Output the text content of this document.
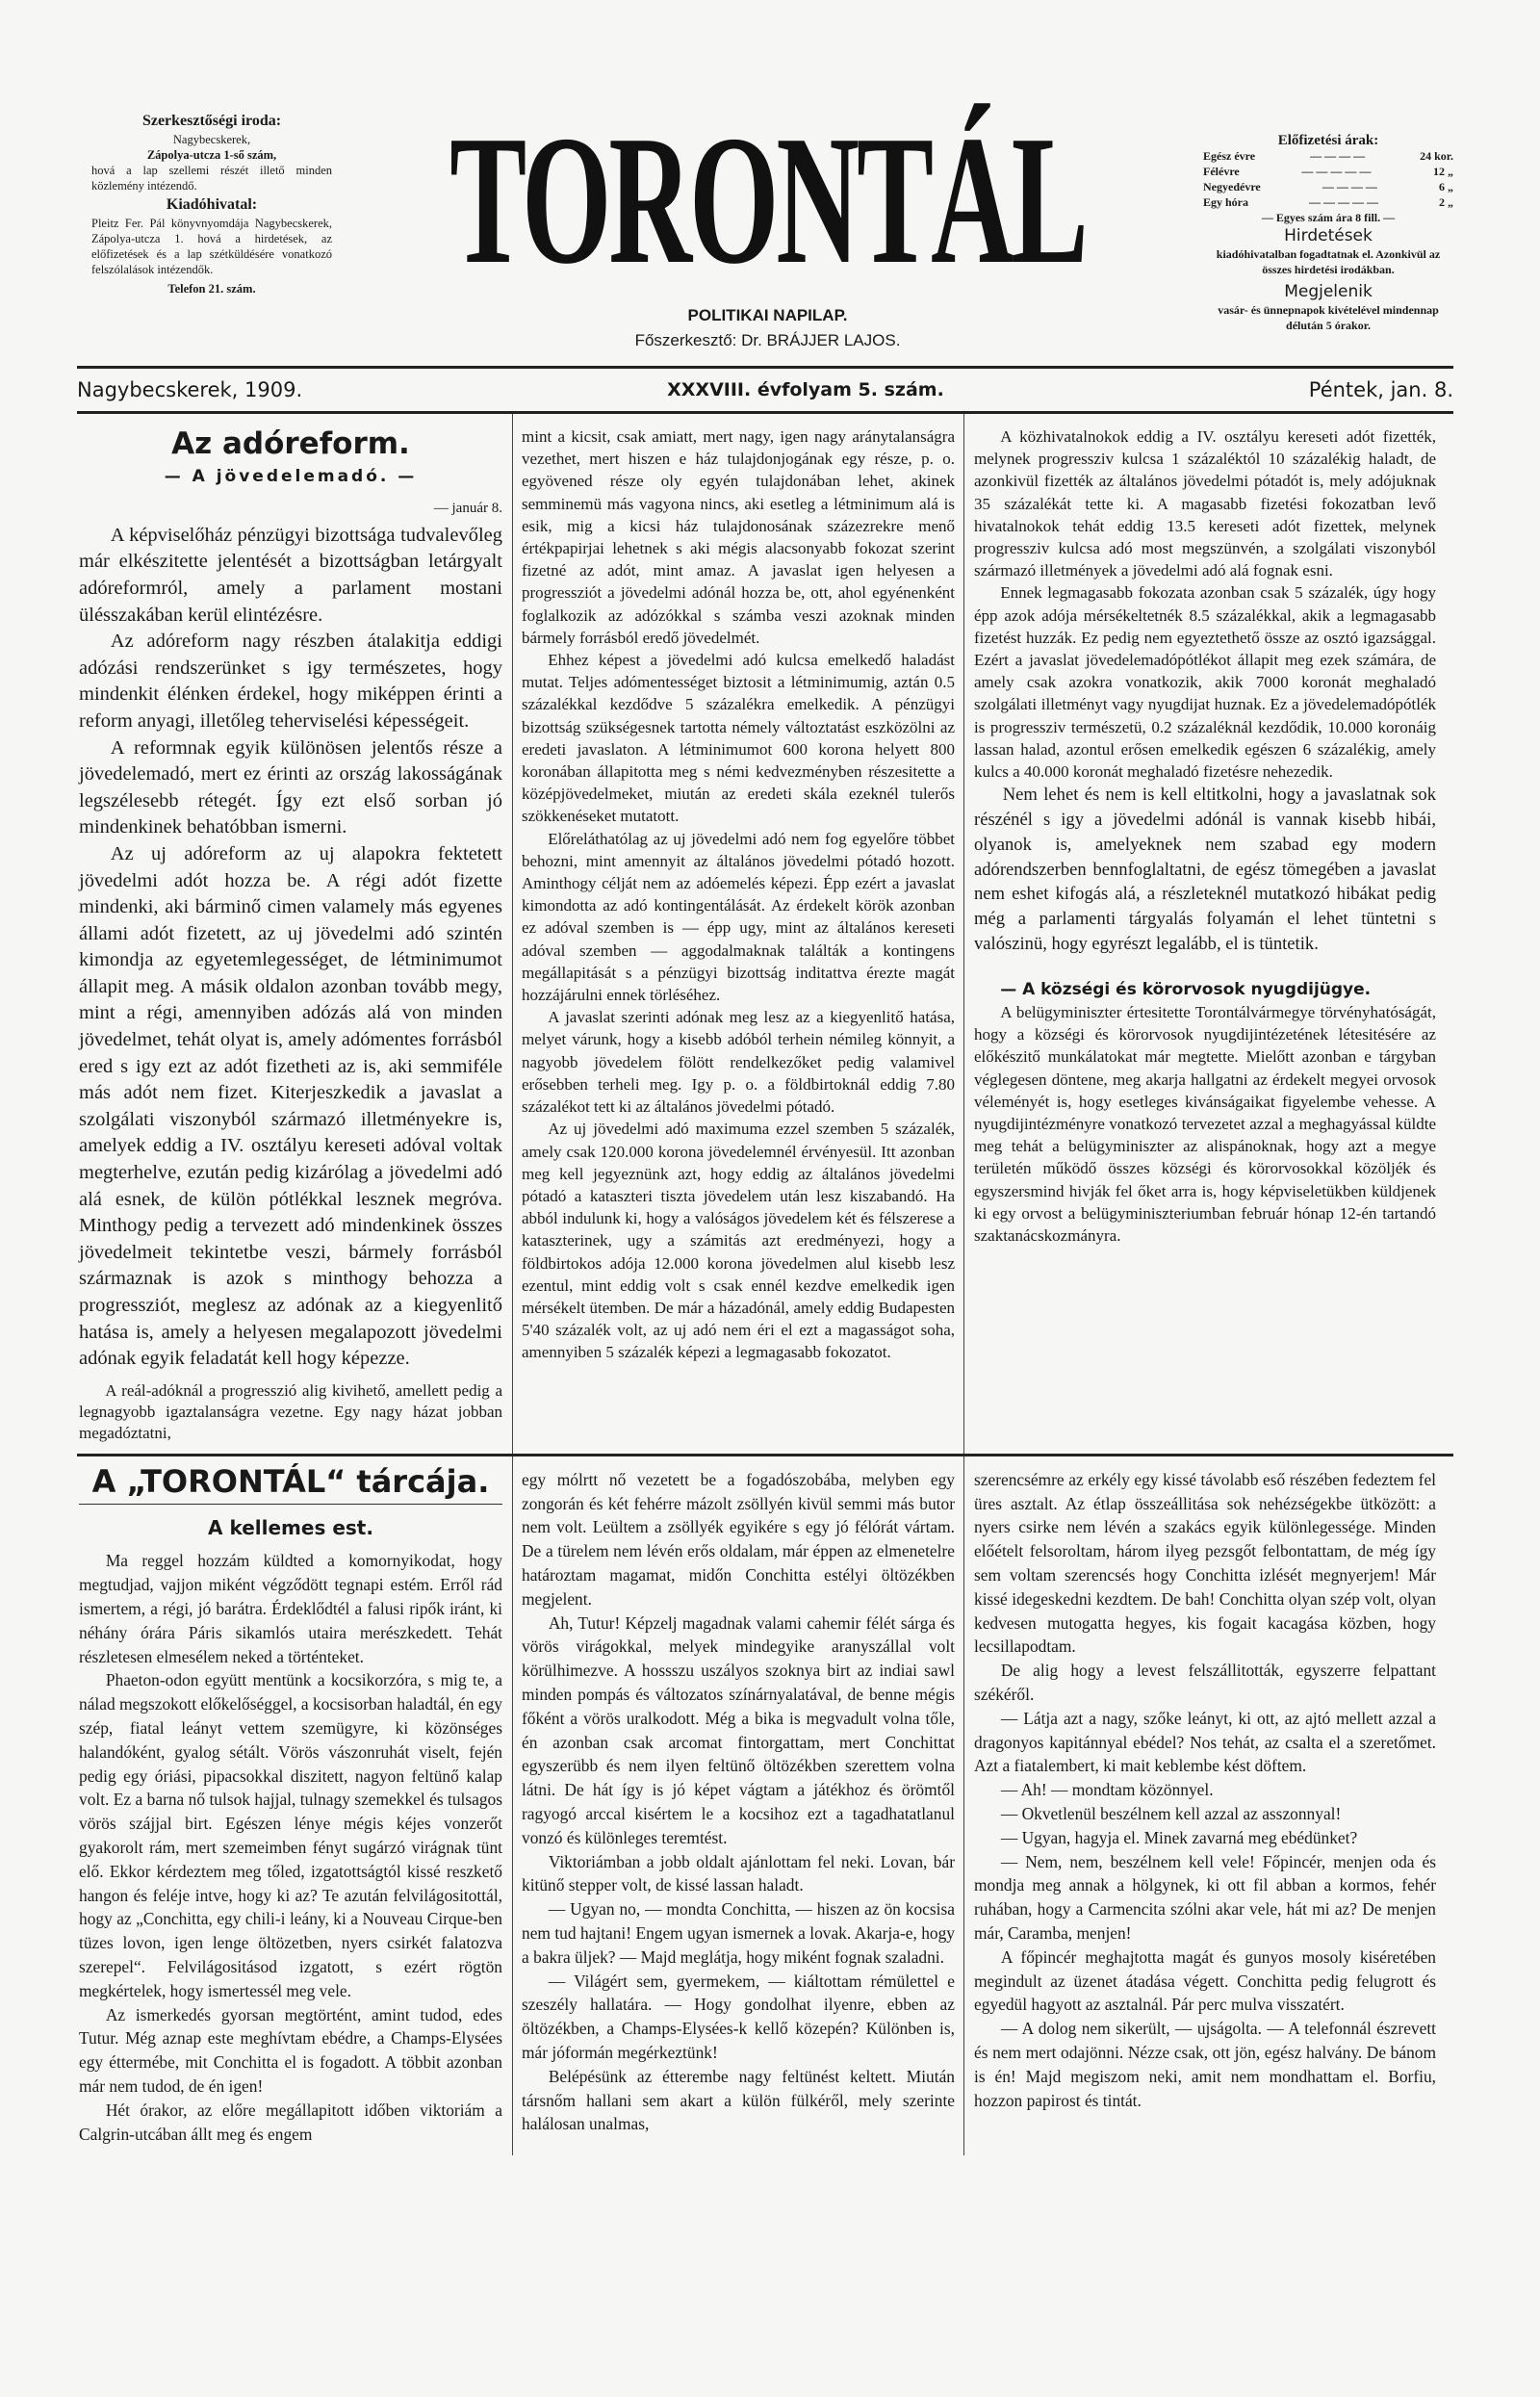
Szerkesztőségi iroda:
Nagybecskerek,
Zápolya-utcza 1-ső szám,
hová a lap szellemi részét illető minden közlemény intézendő.
Kiadóhivatal:
Pleitz Fer. Pál könyvnyomdája Nagybecskerek, Zápolya-utcza 1. hová a hirdetések, az előfizetések és a lap szétküldésére vonatkozó felszólalások intézendők.
Telefon 21. szám.	TORONTÁL
POLITIKAI NAPILAP.
Főszerkesztő: Dr. BRÁJJER LAJOS.
Előfizetési árak:
Egész évre	— — — —	24 kor.
Félévre	— — — — —	12 „
Negyedévre	— — — —	6 „
Egy hóra	— — — — —	2 „
— Egyes szám ára 8 fill. —
Hirdetések
kiadóhivatalban fogadtatnak el. Azonkivül az összes hirdetési irodákban.
Megjelenik
vasár- és ünnepnapok kivételével mindennap délután 5 órakor.
Nagybecskerek, 1909.	XXXVIII. évfolyam 5. szám.	Péntek, jan. 8.
Az adóreform.
— A jövedelemadó. —
— január 8.

A képviselőház pénzügyi bizottsága tudvalevőleg már elkészitette jelentését a bizottságban letárgyalt adóreformról, amely a parlament mostani ülésszakában kerül elintézésre.

Az adóreform nagy részben átalakitja eddigi adózási rendszerünket s igy természetes, hogy mindenkit élénken érdekel, hogy miképpen érinti a reform anyagi, illetőleg teherviselési képességeit.

A reformnak egyik különösen jelentős része a jövedelemadó, mert ez érinti az ország lakosságának legszélesebb rétegét. Így ezt első sorban jó mindenkinek behatóbban ismerni.

Az uj adóreform az uj alapokra fektetett jövedelmi adót hozza be. A régi adót fizette mindenki, aki bárminő cimen valamely más egyenes állami adót fizetett, az uj jövedelmi adó szintén kimondja az egyetemlegességet, de létminimumot állapit meg. A másik oldalon azonban tovább megy, mint a régi, amennyiben adózás alá von minden jövedelmet, tehát olyat is, amely adómentes forrásból ered s igy ezt az adót fizetheti az is, aki semmiféle más adót nem fizet. Kiterjeszkedik a javaslat a szolgálati viszonyból származó illetményekre is, amelyek eddig a IV. osztályu kereseti adóval voltak megterhelve, ezután pedig kizárólag a jövedelmi adó alá esnek, de külön pótlékkal lesznek megróva. Minthogy pedig a tervezett adó mindenkinek összes jövedelmeit tekintetbe veszi, bármely forrásból származnak is azok s minthogy behozza a progressziót, meglesz az adónak az a kiegyenlitő hatása is, amely a helyesen megalapozott jövedelmi adónak egyik feladatát kell hogy képezze.

A reál-adóknál a progresszió alig kivihető, amellett pedig a legnagyobb igaztalanságra vezetne. Egy nagy házat jobban megadóztatni,

mint a kicsit, csak amiatt, mert nagy, igen nagy aránytalanságra vezethet, mert hiszen e ház tulajdonjogának egy része, p. o. egyövened része oly egyén tulajdonában lehet, akinek semminemü más vagyona nincs, aki esetleg a létminimum alá is esik, mig a kicsi ház tulajdonosának százezrekre menő értékpapirjai lehetnek s aki mégis alacsonyabb fokozat szerint fizetné az adót, mint amaz. A javaslat igen helyesen a progressziót a jövedelmi adónál hozza be, ott, ahol egyénenként foglalkozik az adózókkal s számba veszi azoknak minden bármely forrásból eredő jövedelmét.

Ehhez képest a jövedelmi adó kulcsa emelkedő haladást mutat. Teljes adómentességet biztosit a létminimumig, aztán 0.5 százalékkal kezdődve 5 százalékra emelkedik. A pénzügyi bizottság szükségesnek tartotta némely változtatást eszközölni az eredeti javaslaton. A létminimumot 600 korona helyett 800 koronában állapitotta meg s némi kedvezményben részesitette a középjövedelmeket, miután az eredeti skála ezeknél tulerős szökkenéseket mutatott.

Előreláthatólag az uj jövedelmi adó nem fog egyelőre többet behozni, mint amennyit az általános jövedelmi pótadó hozott. Aminthogy célját nem az adóemelés képezi. Épp ezért a javaslat kimondotta az adó kontingentálását. Az érdekelt körök azonban ez adóval szemben is — épp ugy, mint az általános kereseti adóval szemben — aggodalmaknak találták a kontingens megállapitását s a pénzügyi bizottság inditattva érezte magát hozzájárulni ennek törléséhez.

A javaslat szerinti adónak meg lesz az a kiegyenlitő hatása, melyet várunk, hogy a kisebb adóból terhein némileg könnyit, a nagyobb jövedelem fölött rendelkezőket pedig valamivel erősebben terheli meg. Igy p. o. a földbirtoknál eddig 7.80 százalékot tett ki az általános jövedelmi pótadó.

Az uj jövedelmi adó maximuma ezzel szemben 5 százalék, amely csak 120.000 korona jövedelemnél érvényesül. Itt azonban meg kell jegyeznünk azt, hogy eddig az általános jövedelmi pótadó a kataszteri tiszta jövedelem után lesz kiszabandó. Ha abból indulunk ki, hogy a valóságos jövedelem két és félszerese a kataszterinek, ugy a számitás azt eredményezi, hogy a földbirtokos adója 12.000 korona jövedelmen alul kisebb lesz ezentul, mint eddig volt s csak ennél kezdve emelkedik igen mérsékelt ütemben. De már a házadónál, amely eddig Budapesten 5'40 százalék volt, az uj adó nem éri el ezt a magasságot soha, amennyiben 5 százalék képezi a legmagasabb fokozatot.

A közhivatalnokok eddig a IV. osztályu kereseti adót fizették, melynek progressziv kulcsa 1 százaléktól 10 százalékig haladt, de azonkivül fizették az általános jövedelmi pótadót is, mely adójuknak 35 százalékát tette ki. A magasabb fizetési fokozatban levő hivatalnokok tehát eddig 13.5 kereseti adót fizettek, melynek progressziv kulcsa adó most megszünvén, a szolgálati viszonyból származó illetmények a jövedelmi adó alá fognak esni.

Ennek legmagasabb fokozata azonban csak 5 százalék, úgy hogy épp azok adója mérsékeltetnék 8.5 százalékkal, akik a legmagasabb fizetést huzzák. Ez pedig nem egyeztethető össze az osztó igazsággal. Ezért a javaslat jövedelemadópótlékot állapit meg ezek számára, de amely csak azokra vonatkozik, akik 7000 koronát meghaladó szolgálati illetményt vagy nyugdijat huznak. Ez a jövedelemadópótlék is progressziv természetü, 0.2 százaléknál kezdődik, 10.000 koronáig lassan halad, azontul erősen emelkedik egészen 6 százalékig, amely kulcs a 40.000 koronát meghaladó fizetésre nehezedik.

Nem lehet és nem is kell eltitkolni, hogy a javaslatnak sok részénél s igy a jövedelmi adónál is vannak kisebb hibái, olyanok is, amelyeknek nem szabad egy modern adórendszerben bennfoglaltatni, de egész tömegében a javaslat nem eshet kifogás alá, a részleteknél mutatkozó hibákat pedig még a parlamenti tárgyalás folyamán el lehet tüntetni s valószinü, hogy egyrészt legalább, el is tüntetik.

— A községi és körorvosok nyugdijügye.

A belügyminiszter értesitette Torontálvármegye törvényhatóságát, hogy a községi és körorvosok nyugdijintézetének létesitésére az előkészitő munkálatokat már megtette. Mielőtt azonban e tárgyban véglegesen döntene, meg akarja hallgatni az érdekelt megyei orvosok véleményét is, hogy esetleges kivánságaikat figyelembe vehesse. A nyugdijintézményre vonatkozó tervezetet azzal a meghagyással küldte meg tehát a belügyminiszter az alispánoknak, hogy azt a megye területén működő összes községi és körorvosokkal közöljék és egyszersmind hivják fel őket arra is, hogy képviseletükben küldjenek ki egy orvost a belügyminiszteriumban február hónap 12-én tartandó szaktanácskozmányra.

A „TORONTÁL“ tárcája.
A kellemes est.

Ma reggel hozzám küldted a komornyikodat, hogy megtudjad, vajjon miként végződött tegnapi estém. Erről rád ismertem, a régi, jó barátra. Érdeklődtél a falusi ripők iránt, ki néhány órára Páris sikamlós utaira merészkedett. Tehát részletesen elmesélem neked a történteket.

Phaeton-odon együtt mentünk a kocsikorzóra, s mig te, a nálad megszokott előkelőséggel, a kocsisorban haladtál, én egy szép, fiatal leányt vettem szemügyre, ki közönséges halandóként, gyalog sétált. Vörös vászonruhát viselt, fején pedig egy óriási, pipacsokkal diszitett, nagyon feltünő kalap volt. Ez a barna nő tulsok hajjal, tulnagy szemekkel és tulsagos vörös szájjal birt. Egészen lénye mégis kéjes vonzerőt gyakorolt rám, mert szemeimben fényt sugárzó virágnak tünt elő. Ekkor kérdeztem meg tőled, izgatottságtól kissé reszkető hangon és feléje intve, hogy ki az? Te azután felvilágositottál, hogy az „Conchitta, egy chili-i leány, ki a Nouveau Cirque-ben tüzes lovon, igen lenge öltözetben, nyers csirkét falatozva szerepel“. Felvilágositásod izgatott, s ezért rögtön megkértelek, hogy ismertessél meg vele.

Az ismerkedés gyorsan megtörtént, amint tudod, edes Tutur. Még aznap este meghívtam ebédre, a Champs-Elysées egy éttermébe, mit Conchitta el is fogadott. A többit azonban már nem tudod, de én igen!

Hét órakor, az előre megállapitott időben viktoriám a Calgrin-utcában állt meg és engem

egy mólrtt nő vezetett be a fogadószobába, melyben egy zongorán és két fehérre mázolt zsöllyén kivül semmi más butor nem volt. Leültem a zsöllyék egyikére s egy jó félórát vártam. De a türelem nem lévén erős oldalam, már éppen az elmenetelre határoztam magamat, midőn Conchitta estélyi öltözékben megjelent.

Ah, Tutur! Képzelj magadnak valami cahemir félét sárga és vörös virágokkal, melyek mindegyike aranyszállal volt körülhimezve. A hossszu uszályos szoknya birt az indiai sawl minden pompás és változatos színárnyalatával, de benne mégis főként a vörös uralkodott. Még a bika is megvadult volna tőle, én azonban csak arcomat fintorgattam, mert Conchittat egyszerübb és nem ilyen feltünő öltözékben szerettem volna látni. De hát így is jó képet vágtam a játékhoz és örömtől ragyogó arccal kisértem le a kocsihoz ezt a tagadhatatlanul vonzó és különleges teremtést.

Viktoriámban a jobb oldalt ajánlottam fel neki. Lovan, bár kitünő stepper volt, de kissé lassan haladt.

— Ugyan no, — mondta Conchitta, — hiszen az ön kocsisa nem tud hajtani! Engem ugyan ismernek a lovak. Akarja-e, hogy a bakra üljek? — Majd meglátja, hogy miként fognak szaladni.

— Világért sem, gyermekem, — kiáltottam rémülettel e szeszély hallatára. — Hogy gondolhat ilyenre, ebben az öltözékben, a Champs-Elysées-k kellő közepén? Különben is, már jóformán megérkeztünk!

Belépésünk az étterembe nagy feltünést keltett. Miután társnőm hallani sem akart a külön fülkéről, mely szerinte halálosan unalmas,

szerencsémre az erkély egy kissé távolabb eső részében fedeztem fel üres asztalt. Az étlap összeállitása sok nehézségekbe ütközött: a nyers csirke nem lévén a szakács egyik különlegessége. Minden előételt felsoroltam, három ilyeg pezsgőt felbontattam, de még így sem voltam szerencsés hogy Conchitta izlését megnyerjem! Már kissé idegeskedni kezdtem. De bah! Conchitta olyan szép volt, olyan kedvesen mutogatta hegyes, kis fogait kacagása közben, hogy lecsillapodtam.

De alig hogy a levest felszállitották, egyszerre felpattant székéről.

— Látja azt a nagy, szőke leányt, ki ott, az ajtó mellett azzal a dragonyos kapitánnyal ebédel? Nos tehát, az csalta el a szeretőmet. Azt a fiatalembert, ki mait keblembe kést döftem.

— Ah! — mondtam közönnyel.

— Okvetlenül beszélnem kell azzal az asszonnyal!

— Ugyan, hagyja el. Minek zavarná meg ebédünket?

— Nem, nem, beszélnem kell vele! Főpincér, menjen oda és mondja meg annak a hölgynek, ki ott fil abban a kormos, fehér ruhában, hogy a Carmencita szólni akar vele, hát mi az? De menjen már, Caramba, menjen!

A főpincér meghajtotta magát és gunyos mosoly kiséretében megindult az üzenet átadása végett. Conchitta pedig felugrott és egyedül hagyott az asztalnál. Pár perc mulva visszatért.

— A dolog nem sikerült, — ujságolta. — A telefonnál észrevett és nem mert odajönni. Nézze csak, ott jön, egész halvány. De bánom is én! Majd megiszom neki, amit nem mondhattam el. Borfiu, hozzon papirost és tintát.
